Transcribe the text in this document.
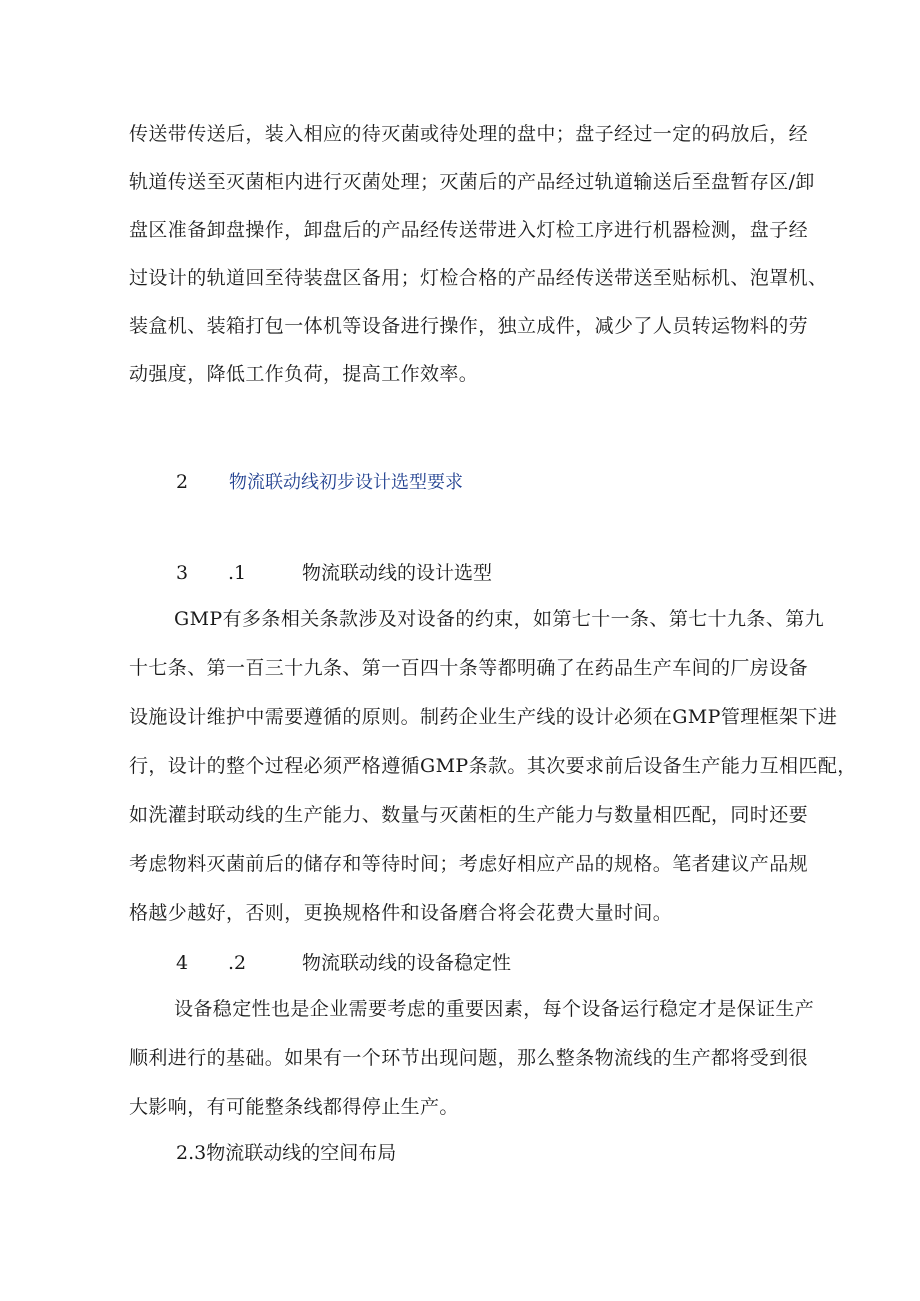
传送带传送后，装入相应的待灭菌或待处理的盘中；盘子经过一定的码放后，经
轨道传送至灭菌柜内进行灭菌处理；灭菌后的产品经过轨道输送后至盘暂存区/卸
盘区准备卸盘操作，卸盘后的产品经传送带进入灯检工序进行机器检测，盘子经
过设计的轨道回至待装盘区备用；灯检合格的产品经传送带送至贴标机、泡罩机、
装盒机、装箱打包一体机等设备进行操作，独立成件，减少了人员转运物料的劳
动强度，降低工作负荷，提高工作效率。
2 物流联动线初步设计选型要求
3 .1	物流联动线的设计选型
GMP有多条相关条款涉及对设备的约束，如第七十一条、第七十九条、第九
十七条、第一百三十九条、第一百四十条等都明确了在药品生产车间的厂房设备
设施设计维护中需要遵循的原则。制药企业生产线的设计必须在GMP管理框架下进
行，设计的整个过程必须严格遵循GMP条款。其次要求前后设备生产能力互相匹配，
如洗灌封联动线的生产能力、数量与灭菌柜的生产能力与数量相匹配，同时还要
考虑物料灭菌前后的储存和等待时间；考虑好相应产品的规格。笔者建议产品规
格越少越好，否则，更换规格件和设备磨合将会花费大量时间。
4 .2	物流联动线的设备稳定性
设备稳定性也是企业需要考虑的重要因素，每个设备运行稳定才是保证生产
顺利进行的基础。如果有一个环节出现问题，那么整条物流线的生产都将受到很
大影响，有可能整条线都得停止生产。
2.3物流联动线的空间布局
